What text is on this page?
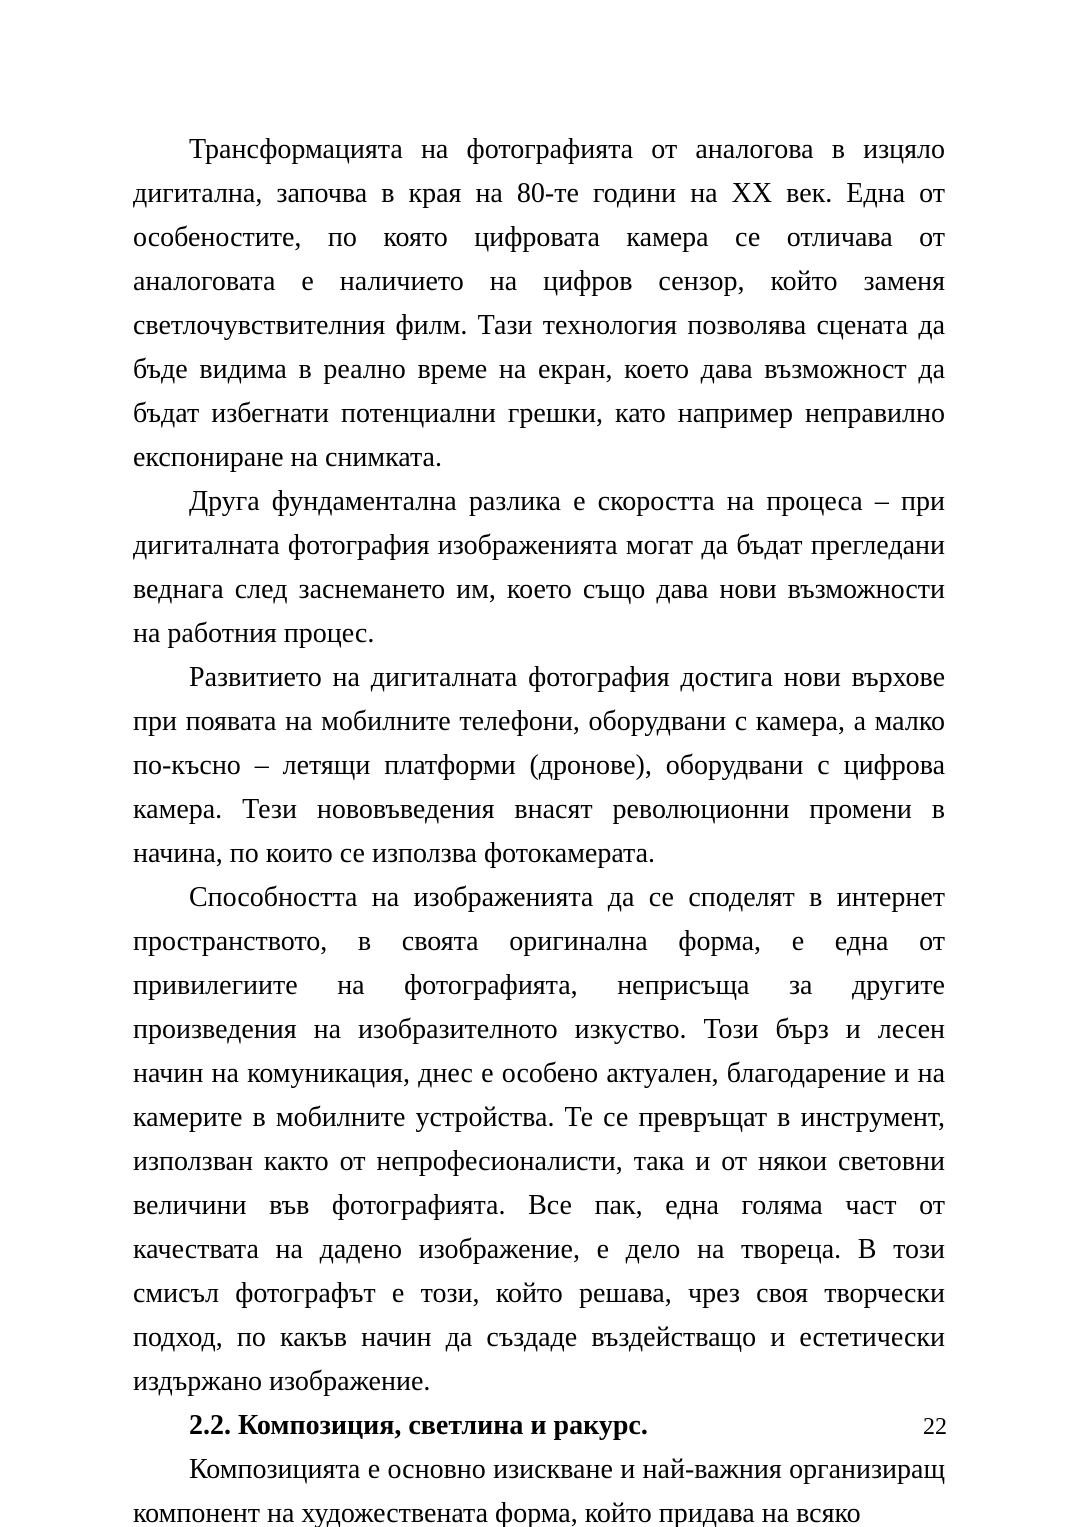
Трансформацията на фотографията от аналогова в изцяло дигитална, започва в края на 80-те години на XX век. Една от особеностите, по която цифровата камера се отличава от аналоговата е наличието на цифров сензор, който заменя светлочувствителния филм. Тази технология позволява сцената да бъде видима в реално време на екран, което дава възможност да бъдат избегнати потенциални грешки, като например неправилно експониране на снимката.

Друга фундаментална разлика е скоростта на процеса – при дигиталната фотография изображенията могат да бъдат прегледани веднага след заснемането им, което също дава нови възможности на работния процес.

Развитието на дигиталната фотография достига нови върхове при появата на мобилните телефони, оборудвани с камера, а малко по-късно – летящи платформи (дронове), оборудвани с цифрова камера. Тези нововъведения внасят революционни промени в начина, по които се използва фотокамерата.

Способността на изображенията да се споделят в интернет пространството, в своята оригинална форма, е една от привилегиите на фотографията, неприсъща за другите произведения на изобразителното изкуство. Този бърз и лесен начин на комуникация, днес е особено актуален, благодарение и на камерите в мобилните устройства. Те се превръщат в инструмент, използван както от непрофесионалисти, така и от някои световни величини във фотографията. Все пак, една голяма част от качествата на дадено изображение, е дело на твореца. В този смисъл фотографът е този, който решава, чрез своя творчески подход, по какъв начин да създаде въздействащо и естетически издържано изображение.

2.2. Композиция, светлина и ракурс.

Композицията е основно изискване и най-важния организиращ компонент на художествената форма, който придава на всяко

22
